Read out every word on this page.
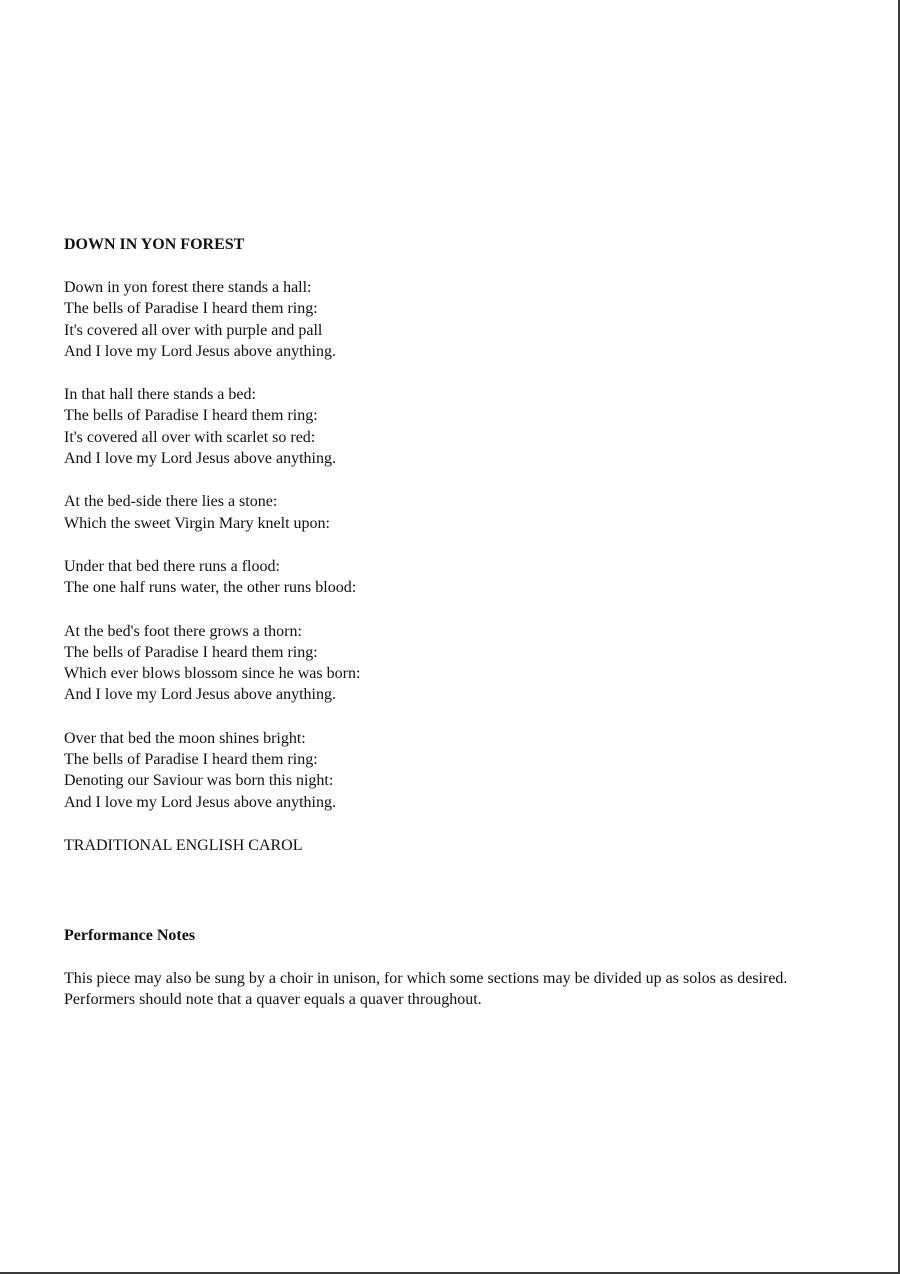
DOWN IN YON FOREST
Down in yon forest there stands a hall:
The bells of Paradise I heard them ring:
It's covered all over with purple and pall
And I love my Lord Jesus above anything.
In that hall there stands a bed:
The bells of Paradise I heard them ring:
It's covered all over with scarlet so red:
And I love my Lord Jesus above anything.
At the bed-side there lies a stone:
Which the sweet Virgin Mary knelt upon:
Under that bed there runs a flood:
The one half runs water, the other runs blood:
At the bed's foot there grows a thorn:
The bells of Paradise I heard them ring:
Which ever blows blossom since he was born:
And I love my Lord Jesus above anything.
Over that bed the moon shines bright:
The bells of Paradise I heard them ring:
Denoting our Saviour was born this night:
And I love my Lord Jesus above anything.
TRADITIONAL ENGLISH CAROL
Performance Notes

This piece may also be sung by a choir in unison, for which some sections may be divided up as solos as desired. Performers should note that a quaver equals a quaver throughout.
